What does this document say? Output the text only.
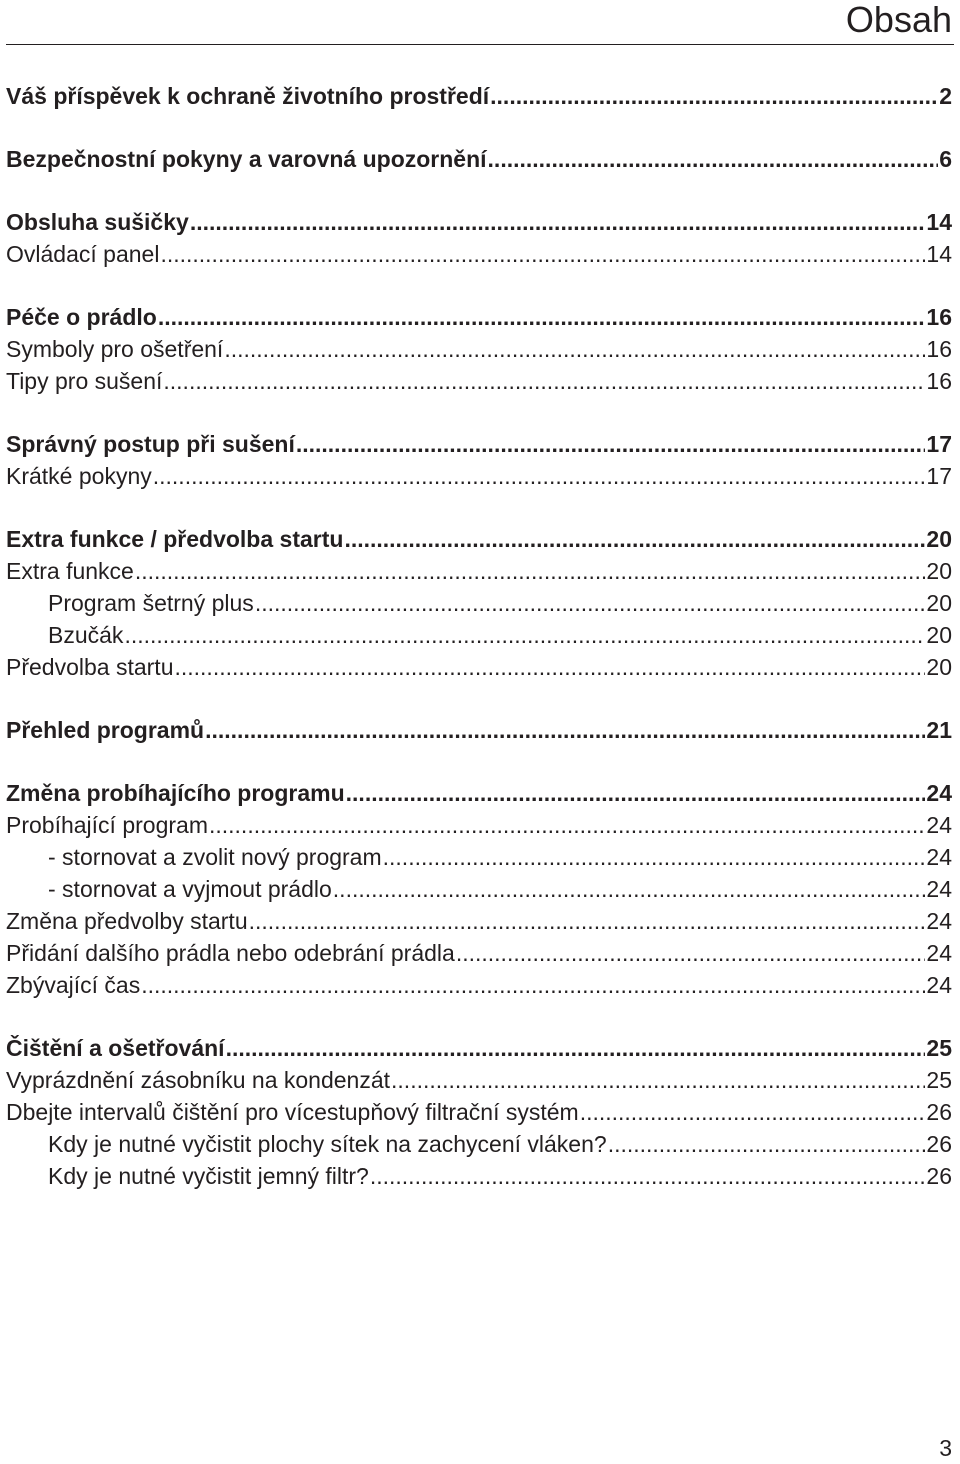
Obsah
Váš příspěvek k ochraně životního prostředí .....	2
Bezpečnostní pokyny a varovná upozornění .....	6
Obsluha sušičky .....	14
Ovládací panel .....	14
Péče o prádlo .....	16
Symboly pro ošetření .....	16
Tipy pro sušení .....	16
Správný postup při sušení .....	17
Krátké pokyny .....	17
Extra funkce / předvolba startu .....	20
Extra funkce .....	20
Program šetrný plus .....	20
Bzučák .....	20
Předvolba startu .....	20
Přehled programů .....	21
Změna probíhajícího programu .....	24
Probíhající program .....	24
- stornovat a zvolit nový program .....	24
- stornovat a vyjmout prádlo .....	24
Změna předvolby startu .....	24
Přidání dalšího prádla nebo odebrání prádla .....	24
Zbývající čas .....	24
Čištění a ošetřování .....	25
Vyprázdnění zásobníku na kondenzát .....	25
Dbejte intervalů čištění pro vícestupňový filtrační systém .....	26
Kdy je nutné vyčistit plochy sítek na zachycení vláken? .....	26
Kdy je nutné vyčistit jemný filtr? .....	26
3
